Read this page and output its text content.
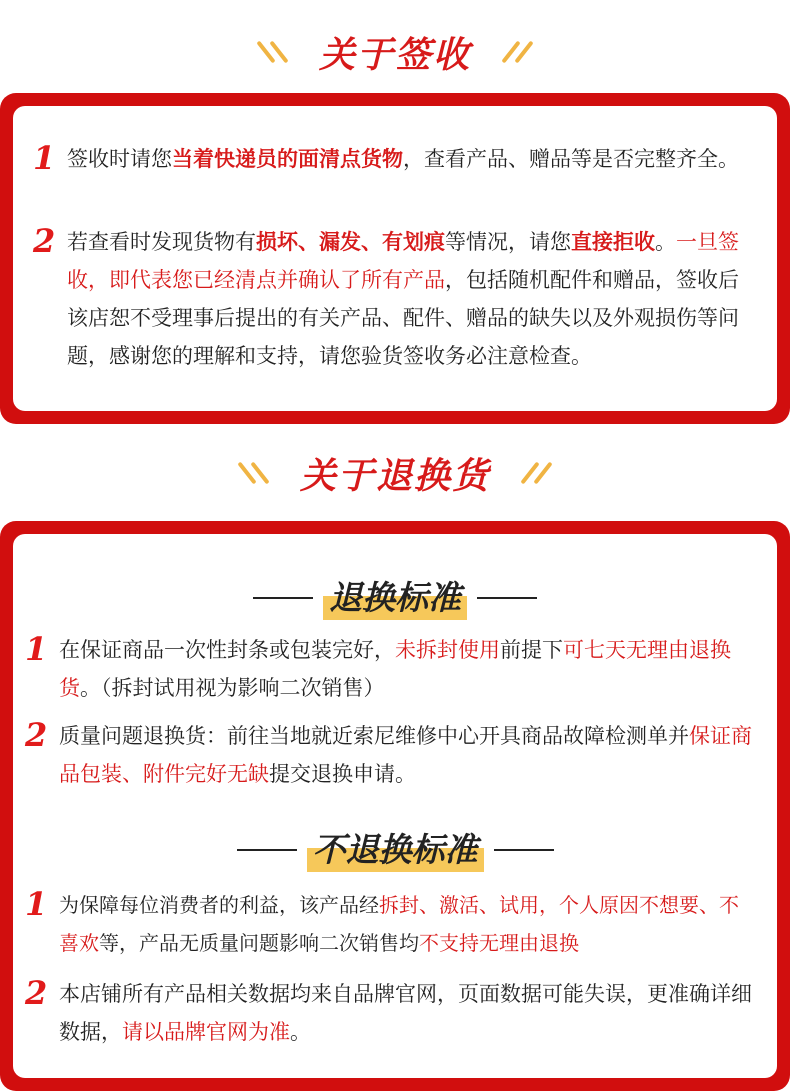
关于签收
1 签收时请您当着快递员的面清点货物，查看产品、赠品等是否完整齐全。
2 若查看时发现货物有损坏、漏发、有划痕等情况，请您直接拒收。一旦签收，即代表您已经清点并确认了所有产品，包括随机配件和赠品，签收后该店恕不受理事后提出的有关产品、配件、赠品的缺失以及外观损伤等问题，感谢您的理解和支持，请您验货签收务必注意检查。
关于退换货
退换标准
1 在保证商品一次性封条或包装完好，未拆封使用前提下可七天无理由退换货。（拆封试用视为影响二次销售）
2 质量问题退换货：前往当地就近索尼维修中心开具商品故障检测单并保证商品包装、附件完好无缺提交退换申请。
不退换标准
1 为保障每位消费者的利益，该产品经拆封、激活、试用，个人原因不想要、不喜欢等，产品无质量问题影响二次销售均不支持无理由退换
2 本店铺所有产品相关数据均来自品牌官网，页面数据可能失误，更准确详细数据，请以品牌官网为准。
